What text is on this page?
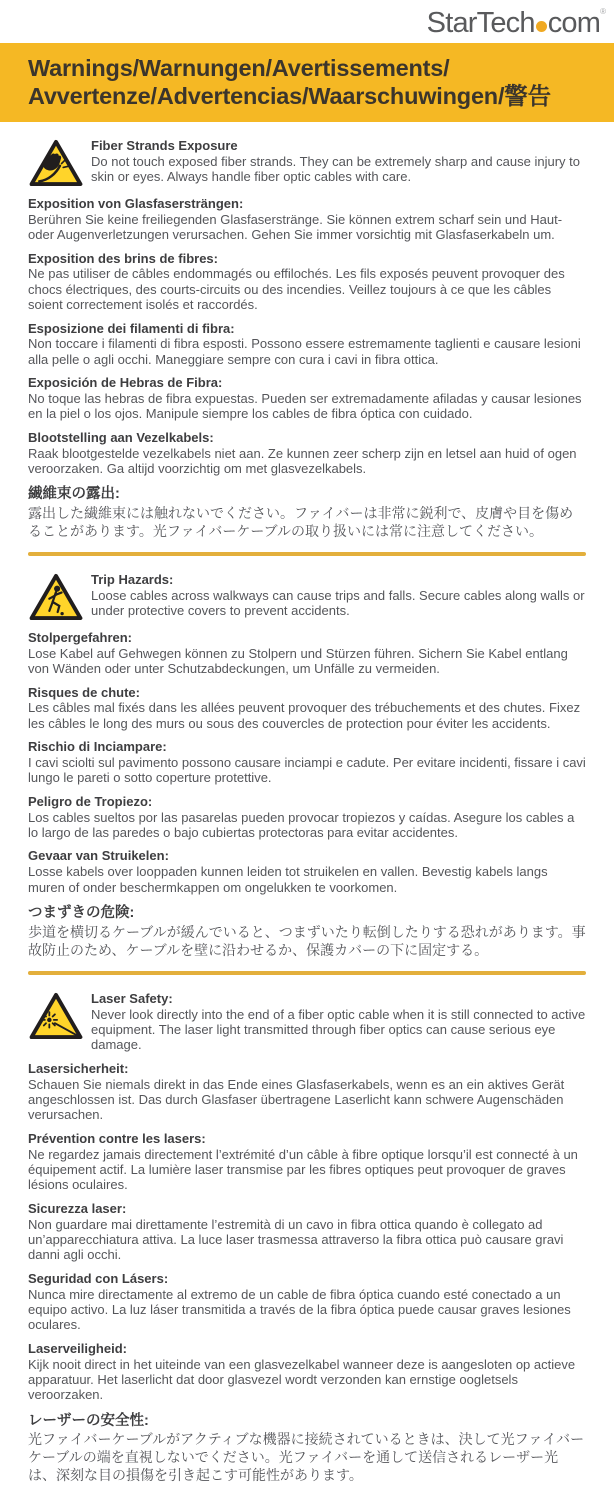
StarTech com®
Warnings/Warnungen/Avertissements/
Avvertenze/Advertencias/Waarschuwingen/警告
Fiber Strands Exposure
Do not touch exposed fiber strands. They can be extremely sharp and cause injury to skin or eyes. Always handle fiber optic cables with care.
Exposition von Glasfasersträngen:
Berühren Sie keine freiliegenden Glasfaserstränge. Sie können extrem scharf sein und Haut- oder Augenverletzungen verursachen. Gehen Sie immer vorsichtig mit Glasfaserkabeln um.
Exposition des brins de fibres:
Ne pas utiliser de câbles endommagés ou effilochés. Les fils exposés peuvent provoquer des chocs électriques, des courts-circuits ou des incendies. Veillez toujours à ce que les câbles soient correctement isolés et raccordés.
Esposizione dei filamenti di fibra:
Non toccare i filamenti di fibra esposti. Possono essere estremamente taglienti e causare lesioni alla pelle o agli occhi. Maneggiare sempre con cura i cavi in fibra ottica.
Exposición de Hebras de Fibra:
No toque las hebras de fibra expuestas. Pueden ser extremadamente afiladas y causar lesiones en la piel o los ojos. Manipule siempre los cables de fibra óptica con cuidado.
Blootstelling aan Vezelkabels:
Raak blootgestelde vezelkabels niet aan. Ze kunnen zeer scherp zijn en letsel aan huid of ogen veroorzaken. Ga altijd voorzichtig om met glasvezelkabels.
繊維束の露出:
露出した繊維束には触れないでください。ファイバーは非常に鋭利で、皮膚や目を傷めることがあります。光ファイバーケーブルの取り扱いには常に注意してください。
Trip Hazards:
Loose cables across walkways can cause trips and falls. Secure cables along walls or under protective covers to prevent accidents.
Stolpergefahren:
Lose Kabel auf Gehwegen können zu Stolpern und Stürzen führen. Sichern Sie Kabel entlang von Wänden oder unter Schutzabdeckungen, um Unfälle zu vermeiden.
Risques de chute:
Les câbles mal fixés dans les allées peuvent provoquer des trébuchements et des chutes. Fixez les câbles le long des murs ou sous des couvercles de protection pour éviter les accidents.
Rischio di Inciampare:
I cavi sciolti sul pavimento possono causare inciampi e cadute. Per evitare incidenti, fissare i cavi lungo le pareti o sotto coperture protettive.
Peligro de Tropiezo:
Los cables sueltos por las pasarelas pueden provocar tropiezos y caídas. Asegure los cables a lo largo de las paredes o bajo cubiertas protectoras para evitar accidentes.
Gevaar van Struikelen:
Losse kabels over looppaden kunnen leiden tot struikelen en vallen. Bevestig kabels langs muren of onder beschermkappen om ongelukken te voorkomen.
つまずきの危険:
歩道を横切るケーブルが緩んでいると、つまずいたり転倒したりする恐れがあります。事故防止のため、ケーブルを壁に沿わせるか、保護カバーの下に固定する。
Laser Safety:
Never look directly into the end of a fiber optic cable when it is still connected to active equipment. The laser light transmitted through fiber optics can cause serious eye damage.
Lasersicherheit:
Schauen Sie niemals direkt in das Ende eines Glasfaserkabels, wenn es an ein aktives Gerät angeschlossen ist. Das durch Glasfaser übertragene Laserlicht kann schwere Augenschäden verursachen.
Prévention contre les lasers:
Ne regardez jamais directement l’extrémité d’un câble à fibre optique lorsqu’il est connecté à un équipement actif. La lumière laser transmise par les fibres optiques peut provoquer de graves lésions oculaires.
Sicurezza laser:
Non guardare mai direttamente l’estremità di un cavo in fibra ottica quando è collegato ad un’apparecchiatura attiva. La luce laser trasmessa attraverso la fibra ottica può causare gravi danni agli occhi.
Seguridad con Lásers:
Nunca mire directamente al extremo de un cable de fibra óptica cuando esté conectado a un equipo activo. La luz láser transmitida a través de la fibra óptica puede causar graves lesiones oculares.
Laserveiligheid:
Kijk nooit direct in het uiteinde van een glasvezelkabel wanneer deze is aangesloten op actieve apparatuur. Het laserlicht dat door glasvezel wordt verzonden kan ernstige oogletsels veroorzaken.
レーザーの安全性:
光ファイバーケーブルがアクティブな機器に接続されているときは、決して光ファイバーケーブルの端を直視しないでください。光ファイバーを通して送信されるレーザー光は、深刻な目の損傷を引き起こす可能性があります。
